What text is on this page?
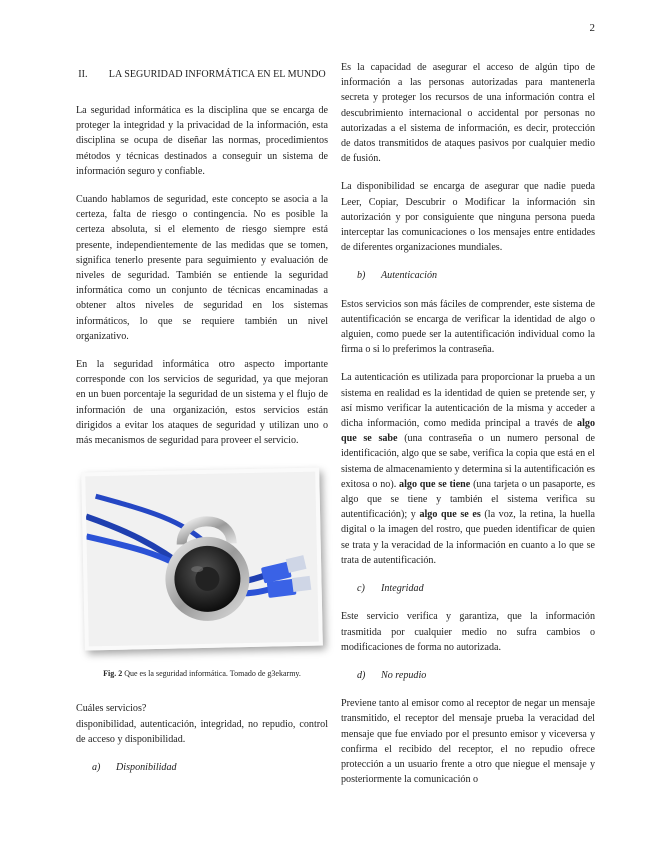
2
II. LA SEGURIDAD INFORMÁTICA EN EL MUNDO

La seguridad informática es la disciplina que se encarga de proteger la integridad y la privacidad de la información, esta disciplina se ocupa de diseñar las normas, procedimientos métodos y técnicas destinados a conseguir un sistema de información seguro y confiable.

Cuando hablamos de seguridad, este concepto se asocia a la certeza, falta de riesgo o contingencia. No es posible la certeza absoluta, si el elemento de riesgo siempre está presente, independientemente de las medidas que se tomen, significa tenerlo presente para seguimiento y evaluación de niveles de seguridad. También se entiende la seguridad informática como un conjunto de técnicas encaminadas a obtener altos niveles de seguridad en los sistemas informáticos, lo que se requiere también un nivel organizativo.

En la seguridad informática otro aspecto importante corresponde con los servicios de seguridad, ya que mejoran en un buen porcentaje la seguridad de un sistema y el flujo de información de una organización, estos servicios están dirigidos a evitar los ataques de seguridad y utilizan uno o más mecanismos de seguridad para proveer el servicio.

Fig. 2 Que es la seguridad informática. Tomado de g3ekarmy.

Cuáles servicios?

disponibilidad, autenticación, integridad, no repudio, control de acceso y disponibilidad.

a) Disponibilidad

Es la capacidad de asegurar el acceso de algún tipo de información a las personas autorizadas para mantenerla secreta y proteger los recursos de una información contra el descubrimiento internacional o accidental por personas no autorizadas a el sistema de información, es decir, protección de datos transmitidos de ataques pasivos por cualquier medio de fusión.

La disponibilidad se encarga de asegurar que nadie pueda Leer, Copiar, Descubrir o Modificar la información sin autorización y por consiguiente que ninguna persona pueda interceptar las comunicaciones o los mensajes entre entidades de diferentes organizaciones mundiales.

b) Autenticación

Estos servicios son más fáciles de comprender, este sistema de autentificación se encarga de verificar la identidad de algo o alguien, como puede ser la autentificación individual como la firma o si lo preferimos la contraseña.

La autenticación es utilizada para proporcionar la prueba a un sistema en realidad es la identidad de quien se pretende ser, y así mismo verificar la autenticación de la misma y acceder a dicha información, como medida principal a través de algo que se sabe (una contraseña o un numero personal de identificación, algo que se sabe, verifica la copia que está en el sistema de almacenamiento y determina si la autentificación es exitosa o no). algo que se tiene (una tarjeta o un pasaporte, es algo que se tiene y también el sistema verifica su autentificación); y algo que se es (la voz, la retina, la huella digital o la imagen del rostro, que pueden identificar de quien se trata y la veracidad de la información en cuanto a lo que se trata de autentificación.

c) Integridad

Este servicio verifica y garantiza, que la información trasmitida por cualquier medio no sufra cambios o modificaciones de forma no autorizada.

d) No repudio

Previene tanto al emisor como al receptor de negar un mensaje transmitido, el receptor del mensaje prueba la veracidad del mensaje que fue enviado por el presunto emisor y viceversa y confirma el recibido del receptor, el no repudio ofrece protección a un usuario frente a otro que niegue el mensaje y posteriormente la comunicación o
